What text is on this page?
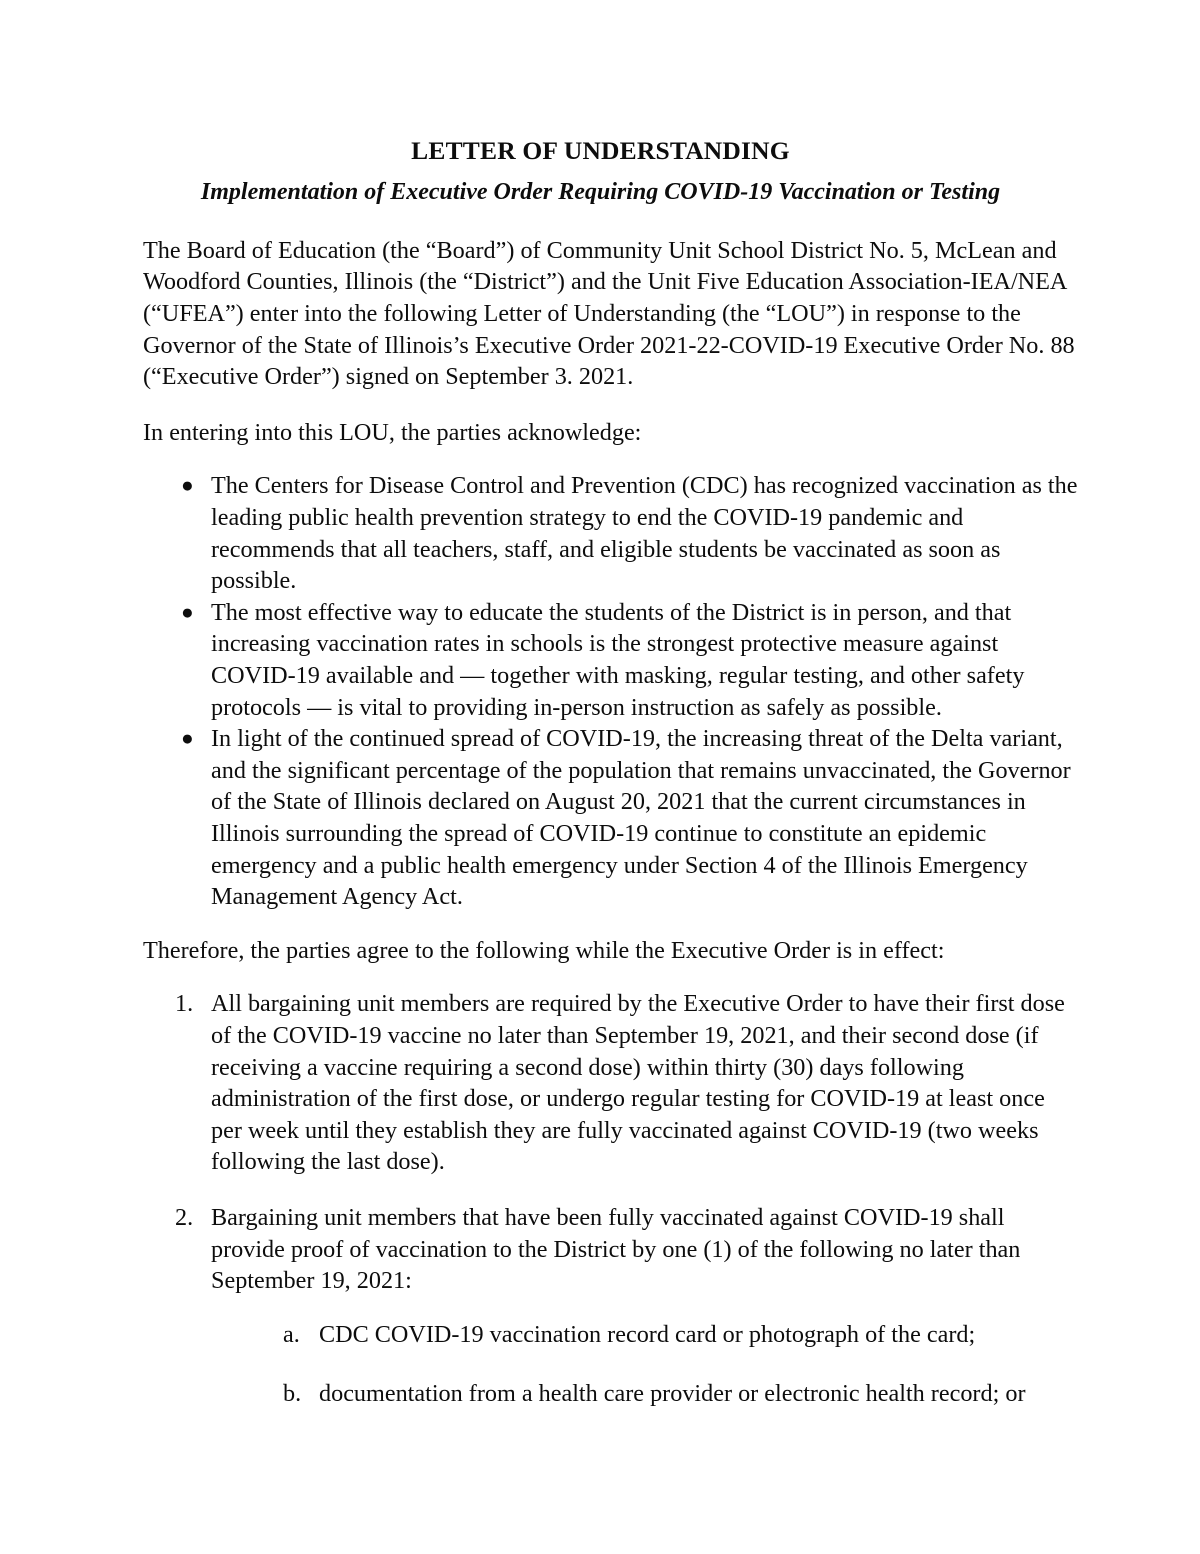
LETTER OF UNDERSTANDING
Implementation of Executive Order Requiring COVID-19 Vaccination or Testing

The Board of Education (the “Board”) of Community Unit School District No. 5, McLean and
Woodford Counties, Illinois (the “District”) and the Unit Five Education Association-IEA/NEA
(“UFEA”) enter into the following Letter of Understanding (the “LOU”) in response to the
Governor of the State of Illinois’s Executive Order 2021-22-COVID-19 Executive Order No. 88
(“Executive Order”) signed on September 3. 2021.

In entering into this LOU, the parties acknowledge:

● The Centers for Disease Control and Prevention (CDC) has recognized vaccination as the
leading public health prevention strategy to end the COVID-19 pandemic and
recommends that all teachers, staff, and eligible students be vaccinated as soon as
possible.
● The most effective way to educate the students of the District is in person, and that
increasing vaccination rates in schools is the strongest protective measure against
COVID-19 available and — together with masking, regular testing, and other safety
protocols — is vital to providing in-person instruction as safely as possible.
● In light of the continued spread of COVID-19, the increasing threat of the Delta variant,
and the significant percentage of the population that remains unvaccinated, the Governor
of the State of Illinois declared on August 20, 2021 that the current circumstances in
Illinois surrounding the spread of COVID-19 continue to constitute an epidemic
emergency and a public health emergency under Section 4 of the Illinois Emergency
Management Agency Act.

Therefore, the parties agree to the following while the Executive Order is in effect:

1. All bargaining unit members are required by the Executive Order to have their first dose
of the COVID-19 vaccine no later than September 19, 2021, and their second dose (if
receiving a vaccine requiring a second dose) within thirty (30) days following
administration of the first dose, or undergo regular testing for COVID-19 at least once
per week until they establish they are fully vaccinated against COVID-19 (two weeks
following the last dose).
2. Bargaining unit members that have been fully vaccinated against COVID-19 shall
provide proof of vaccination to the District by one (1) of the following no later than
September 19, 2021:
a. CDC COVID-19 vaccination record card or photograph of the card;
b. documentation from a health care provider or electronic health record; or
